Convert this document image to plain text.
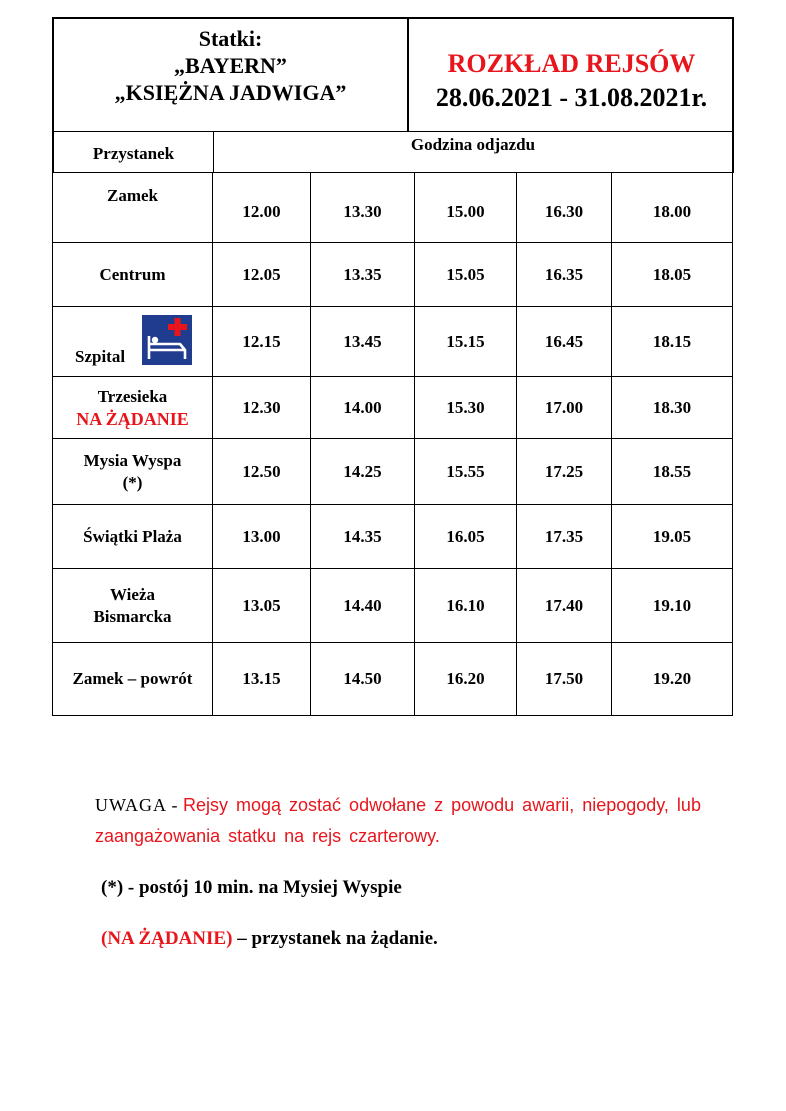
Statki:
„BAYERN”
„KSIĘŻNA JADWIGA”
ROZKŁAD REJSÓW
28.06.2021 - 31.08.2021r.
Przystanek	Godzina odjazdu
Zamek	12.00	13.30	15.00	16.30	18.00
Centrum	12.05	13.35	15.05	16.35	18.05

Szpital	12.15	13.45	15.15	16.45	18.15

Trzesieka
NA ŻĄDANIE	12.30	14.00	15.30	17.00	18.30

Mysia Wyspa
(*)	12.50	14.25	15.55	17.25	18.55
Świątki Plaża	13.00	14.35	16.05	17.35	19.05

Wieża
Bismarcka	13.05	14.40	16.10	17.40	19.10
Zamek – powrót	13.15	14.50	16.20	17.50	19.20
UWAGA - Rejsy mogą zostać odwołane z powodu awarii, niepogody, lub zaangażowania statku na rejs czarterowy.
(*) - postój 10 min. na Mysiej Wyspie
(NA ŻĄDANIE) – przystanek na żądanie.
